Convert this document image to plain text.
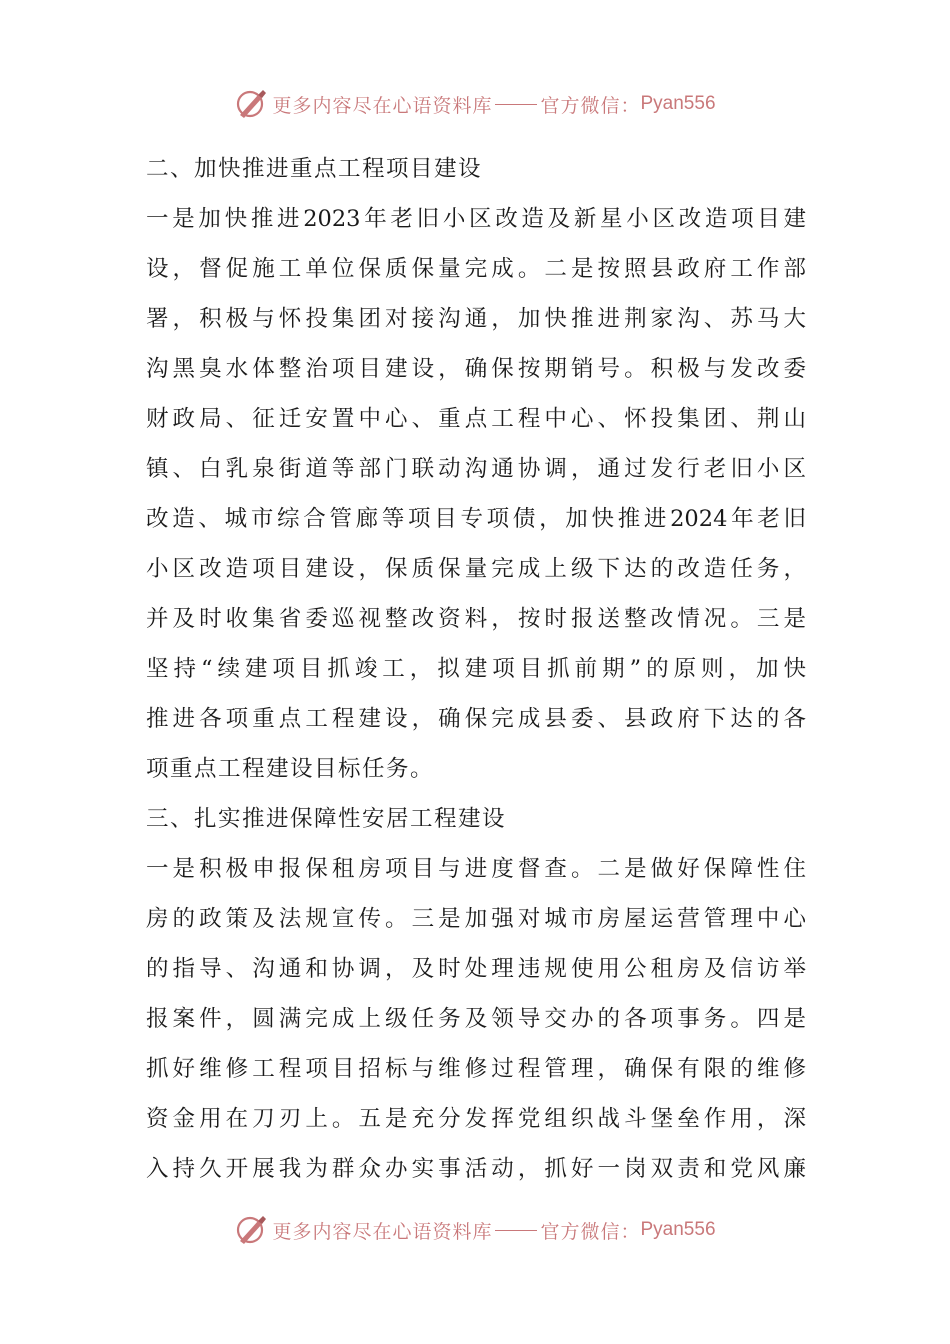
更多内容尽在心语资料库	官方微信： Pyan556
二、加快推进重点工程项目建设
一是加快推进2023年老旧小区改造及新星小区改造项目建
设，督促施工单位保质保量完成。二是按照县政府工作部
署，积极与怀投集团对接沟通，加快推进荆家沟、苏马大
沟黑臭水体整治项目建设，确保按期销号。积极与发改委
财政局、征迁安置中心、重点工程中心、怀投集团、荆山
镇、白乳泉街道等部门联动沟通协调，通过发行老旧小区
改造、城市综合管廊等项目专项债，加快推进2024年老旧
小区改造项目建设，保质保量完成上级下达的改造任务，
并及时收集省委巡视整改资料，按时报送整改情况。三是
坚持“续建项目抓竣工，拟建项目抓前期”的原则，加快
推进各项重点工程建设，确保完成县委、县政府下达的各
项重点工程建设目标任务。
三、扎实推进保障性安居工程建设
一是积极申报保租房项目与进度督查。二是做好保障性住
房的政策及法规宣传。三是加强对城市房屋运营管理中心
的指导、沟通和协调，及时处理违规使用公租房及信访举
报案件，圆满完成上级任务及领导交办的各项事务。四是
抓好维修工程项目招标与维修过程管理，确保有限的维修
资金用在刀刃上。五是充分发挥党组织战斗堡垒作用，深
入持久开展我为群众办实事活动，抓好一岗双责和党风廉
更多内容尽在心语资料库	官方微信： Pyan556
